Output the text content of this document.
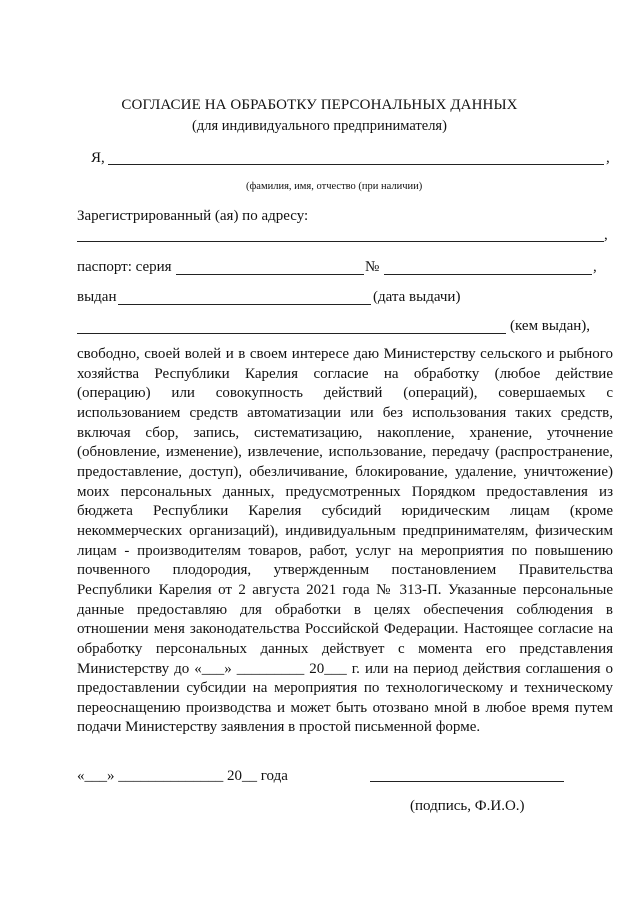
СОГЛАСИЕ НА ОБРАБОТКУ ПЕРСОНАЛЬНЫХ ДАННЫХ
(для индивидуального предпринимателя)
Я,	,
(фамилия, имя, отчество (при наличии)
Зарегистрированный (ая) по адресу:
,
паспорт: серия	№	,
выдан	(дата выдачи)
(кем выдан),
свободно, своей волей и в своем интересе даю Министерству сельского и рыбного
хозяйства Республики Карелия согласие на обработку (любое действие
(операцию) или совокупность действий (операций), совершаемых с
использованием средств автоматизации или без использования таких средств,
включая сбор, запись, систематизацию, накопление, хранение, уточнение
(обновление, изменение), извлечение, использование, передачу (распространение,
предоставление, доступ), обезличивание, блокирование, удаление, уничтожение)
моих персональных данных, предусмотренных Порядком предоставления из
бюджета Республики Карелия субсидий юридическим лицам (кроме
некоммерческих организаций), индивидуальным предпринимателям, физическим
лицам - производителям товаров, работ, услуг на мероприятия по повышению
почвенного плодородия, утвержденным постановлением Правительства
Республики Карелия от 2 августа 2021 года № 313-П. Указанные персональные
данные предоставляю для обработки в целях обеспечения соблюдения в
отношении меня законодательства Российской Федерации. Настоящее согласие на
обработку персональных данных действует с момента его представления
Министерству до «___» _________ 20___ г. или на период действия соглашения о
предоставлении субсидии на мероприятия по технологическому и техническому
переоснащению производства и может быть отозвано мной в любое время путем
подачи Министерству заявления в простой письменной форме.
«___» ______________ 20__ года
(подпись, Ф.И.О.)
